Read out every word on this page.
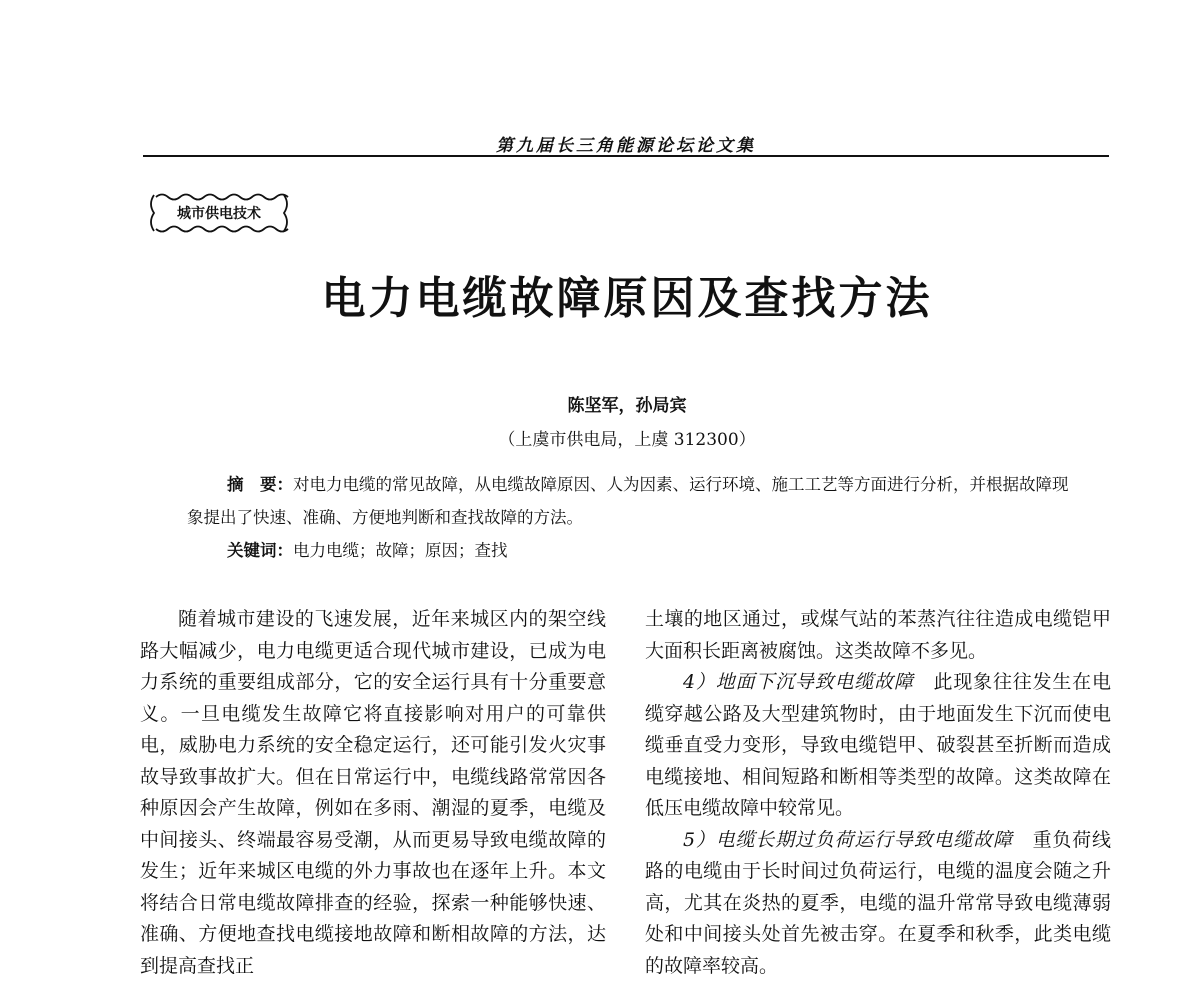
第九届长三角能源论坛论文集
城市供电技术
电力电缆故障原因及查找方法
陈坚军，孙局宾
（上虞市供电局，上虞 312300）
摘　要：对电力电缆的常见故障，从电缆故障原因、人为因素、运行环境、施工工艺等方面进行分析，并根据故障现象提出了快速、准确、方便地判断和查找故障的方法。
关键词：电力电缆；故障；原因；查找

随着城市建设的飞速发展，近年来城区内的架空线路大幅减少，电力电缆更适合现代城市建设，已成为电力系统的重要组成部分，它的安全运行具有十分重要意义。一旦电缆发生故障它将直接影响对用户的可靠供电，威胁电力系统的安全稳定运行，还可能引发火灾事故导致事故扩大。但在日常运行中，电缆线路常常因各种原因会产生故障，例如在多雨、潮湿的夏季，电缆及中间接头、终端最容易受潮，从而更易导致电缆故障的发生；近年来城区电缆的外力事故也在逐年上升。本文将结合日常电缆故障排查的经验，探索一种能够快速、准确、方便地查找电缆接地故障和断相故障的方法，达到提高查找正

土壤的地区通过，或煤气站的苯蒸汽往往造成电缆铠甲大面积长距离被腐蚀。这类故障不多见。

4）地面下沉导致电缆故障　 此现象往往发生在电缆穿越公路及大型建筑物时，由于地面发生下沉而使电缆垂直受力变形，导致电缆铠甲、破裂甚至折断而造成电缆接地、相间短路和断相等类型的故障。这类故障在低压电缆故障中较常见。

5）电缆长期过负荷运行导致电缆故障　 重负荷线路的电缆由于长时间过负荷运行，电缆的温度会随之升高，尤其在炎热的夏季，电缆的温升常常导致电缆薄弱处和中间接头处首先被击穿。在夏季和秋季，此类电缆的故障率较高。
